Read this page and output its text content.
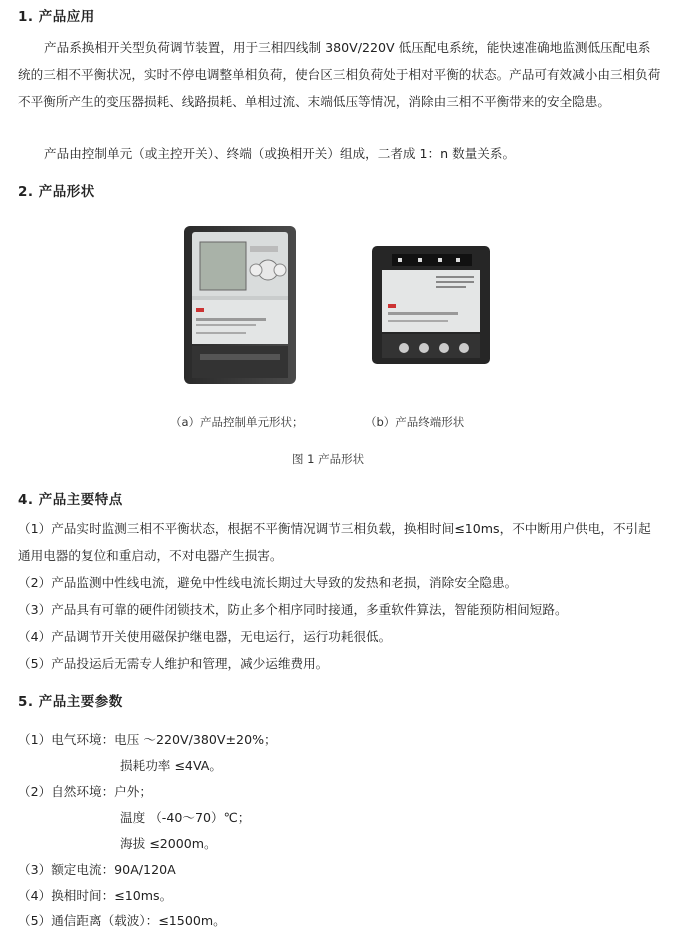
1. 产品应用
产品系换相开关型负荷调节装置，用于三相四线制 380V/220V 低压配电系统，能快速准确地监测低压配电系统的三相不平衡状况，实时不停电调整单相负荷，使台区三相负荷处于相对平衡的状态。产品可有效减小由三相负荷不平衡所产生的变压器损耗、线路损耗、单相过流、末端低压等情况，消除由三相不平衡带来的安全隐患。
产品由控制单元（或主控开关）、终端（或换相开关）组成，二者成 1：n 数量关系。
2. 产品形状
（a）产品控制单元形状；	（b）产品终端形状
图 1 产品形状
4. 产品主要特点
（1）产品实时监测三相不平衡状态，根据不平衡情况调节三相负载，换相时间≤10ms，不中断用户供电，不引起通用电器的复位和重启动，不对电器产生损害。
（2）产品监测中性线电流，避免中性线电流长期过大导致的发热和老损，消除安全隐患。
（3）产品具有可靠的硬件闭锁技术，防止多个相序同时接通，多重软件算法，智能预防相间短路。
（4）产品调节开关使用磁保护继电器，无电运行，运行功耗很低。
（5）产品投运后无需专人维护和管理，减少运维费用。
5. 产品主要参数
（1）电气环境：电压 ～220V/380V±20%；
损耗功率 ≤4VA。
（2）自然环境：户外；
温度 （-40～70）℃；
海拔 ≤2000m。
（3）额定电流：90A/120A
（4）换相时间：≤10ms。
（5）通信距离（载波）：≤1500m。
